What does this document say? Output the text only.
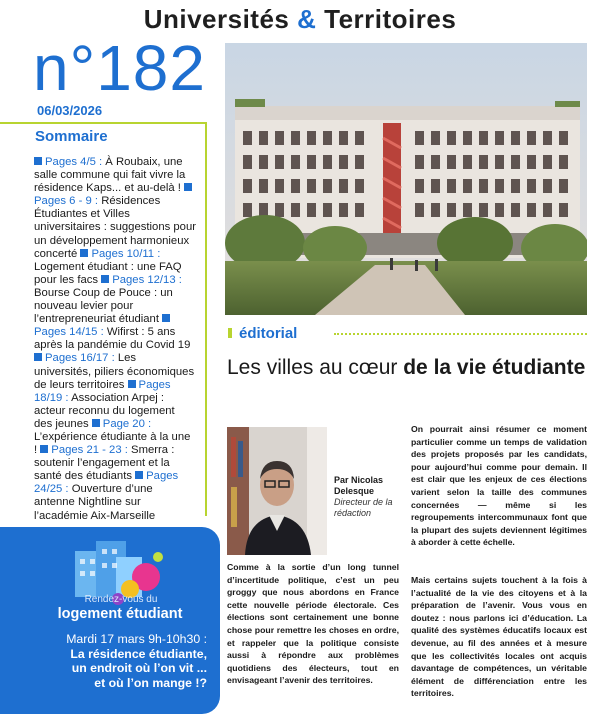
Universités & Territoires
n°182
06/03/2026
Sommaire
Pages 4/5 : À Roubaix, une salle commune qui fait vivre la résidence Kaps... et au-delà ! Pages 6 - 9 : Résidences Étudiantes et Villes universitaires : suggestions pour un développement harmonieux concerté Pages 10/11 : Logement étudiant : une FAQ pour les facs Pages 12/13 : Bourse Coup de Pouce : un nouveau levier pour l’entrepreneuriat étudiant Pages 14/15 : Wifirst : 5 ans après la pandémie du Covid 19 Pages 16/17 : Les universités, piliers économiques de leurs territoires Pages 18/19 : Association Arpej : acteur reconnu du logement des jeunes Page 20 : L’expérience étudiante à la une ! Pages 21 - 23 : Smerra : soutenir l’engagement et la santé des étudiants Pages 24/25 : Ouverture d’une antenne Nightline sur l’académie Aix-Marseille
éditorial
Les villes au cœur de la vie étudiante
Par Nicolas
Delesque
Directeur de la
rédaction
Comme à la sortie d’un long tunnel d’incertitude politique, c’est un peu groggy que nous abordons en France cette nouvelle période électorale. Ces élections sont certainement une bonne chose pour remettre les choses en ordre, et rappeler que la politique consiste aussi à répondre aux problèmes quotidiens des électeurs, tout en envisageant l’avenir des territoires.
On pourrait ainsi résumer ce moment particulier comme un temps de validation des projets proposés par les candidats, pour aujourd’hui comme pour demain. Il est clair que les enjeux de ces élections varient selon la taille des communes concernées — même si les regroupements intercommunaux font que la plupart des sujets deviennent légitimes à aborder à cette échelle.
Mais certains sujets touchent à la fois à l’actualité de la vie des citoyens et à la préparation de l’avenir. Vous vous en doutez : nous parlons ici d’éducation. La qualité des systèmes éducatifs locaux est devenue, au fil des années et à mesure que les collectivités locales ont acquis davantage de compétences, un véritable élément de différenciation entre les territoires.
Rendez-vous du
logement étudiant
Mardi 17 mars 9h-10h30 :
La résidence étudiante,
un endroit où l’on vit ...
et où l’on mange !?
